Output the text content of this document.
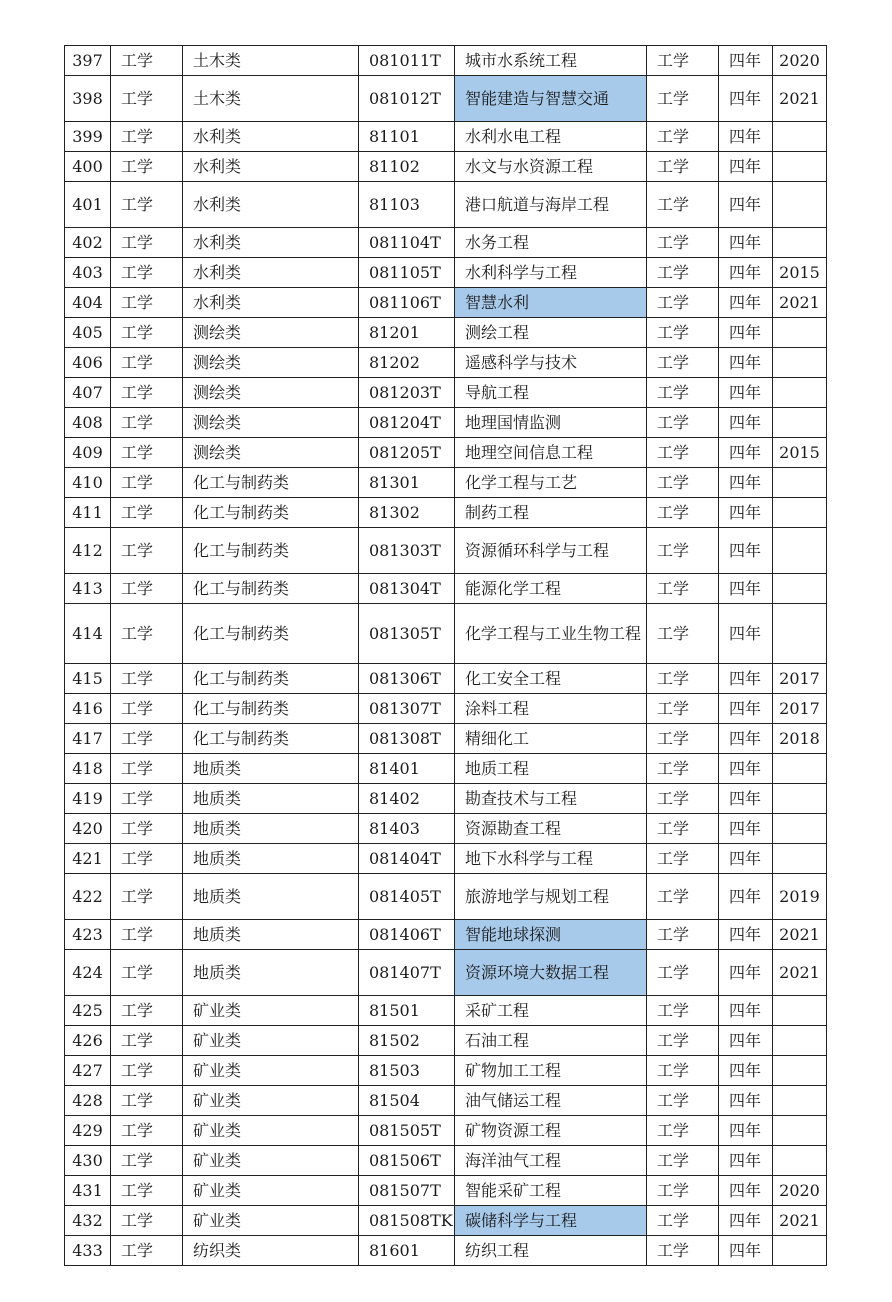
397	工学	土木类	081011T	城市水系统工程	工学	四年	2020
398	工学	土木类	081012T	智能建造与智慧交通	工学	四年	2021
399	工学	水利类	81101	水利水电工程	工学	四年	
400	工学	水利类	81102	水文与水资源工程	工学	四年	
401	工学	水利类	81103	港口航道与海岸工程	工学	四年	
402	工学	水利类	081104T	水务工程	工学	四年	
403	工学	水利类	081105T	水利科学与工程	工学	四年	2015
404	工学	水利类	081106T	智慧水利	工学	四年	2021
405	工学	测绘类	81201	测绘工程	工学	四年	
406	工学	测绘类	81202	遥感科学与技术	工学	四年	
407	工学	测绘类	081203T	导航工程	工学	四年	
408	工学	测绘类	081204T	地理国情监测	工学	四年	
409	工学	测绘类	081205T	地理空间信息工程	工学	四年	2015
410	工学	化工与制药类	81301	化学工程与工艺	工学	四年	
411	工学	化工与制药类	81302	制药工程	工学	四年	
412	工学	化工与制药类	081303T	资源循环科学与工程	工学	四年	
413	工学	化工与制药类	081304T	能源化学工程	工学	四年	
414	工学	化工与制药类	081305T	化学工程与工业生物工程	工学	四年	
415	工学	化工与制药类	081306T	化工安全工程	工学	四年	2017
416	工学	化工与制药类	081307T	涂料工程	工学	四年	2017
417	工学	化工与制药类	081308T	精细化工	工学	四年	2018
418	工学	地质类	81401	地质工程	工学	四年	
419	工学	地质类	81402	勘查技术与工程	工学	四年	
420	工学	地质类	81403	资源勘查工程	工学	四年	
421	工学	地质类	081404T	地下水科学与工程	工学	四年	
422	工学	地质类	081405T	旅游地学与规划工程	工学	四年	2019
423	工学	地质类	081406T	智能地球探测	工学	四年	2021
424	工学	地质类	081407T	资源环境大数据工程	工学	四年	2021
425	工学	矿业类	81501	采矿工程	工学	四年	
426	工学	矿业类	81502	石油工程	工学	四年	
427	工学	矿业类	81503	矿物加工工程	工学	四年	
428	工学	矿业类	81504	油气储运工程	工学	四年	
429	工学	矿业类	081505T	矿物资源工程	工学	四年	
430	工学	矿业类	081506T	海洋油气工程	工学	四年	
431	工学	矿业类	081507T	智能采矿工程	工学	四年	2020
432	工学	矿业类	081508TK	碳储科学与工程	工学	四年	2021
433	工学	纺织类	81601	纺织工程	工学	四年	
